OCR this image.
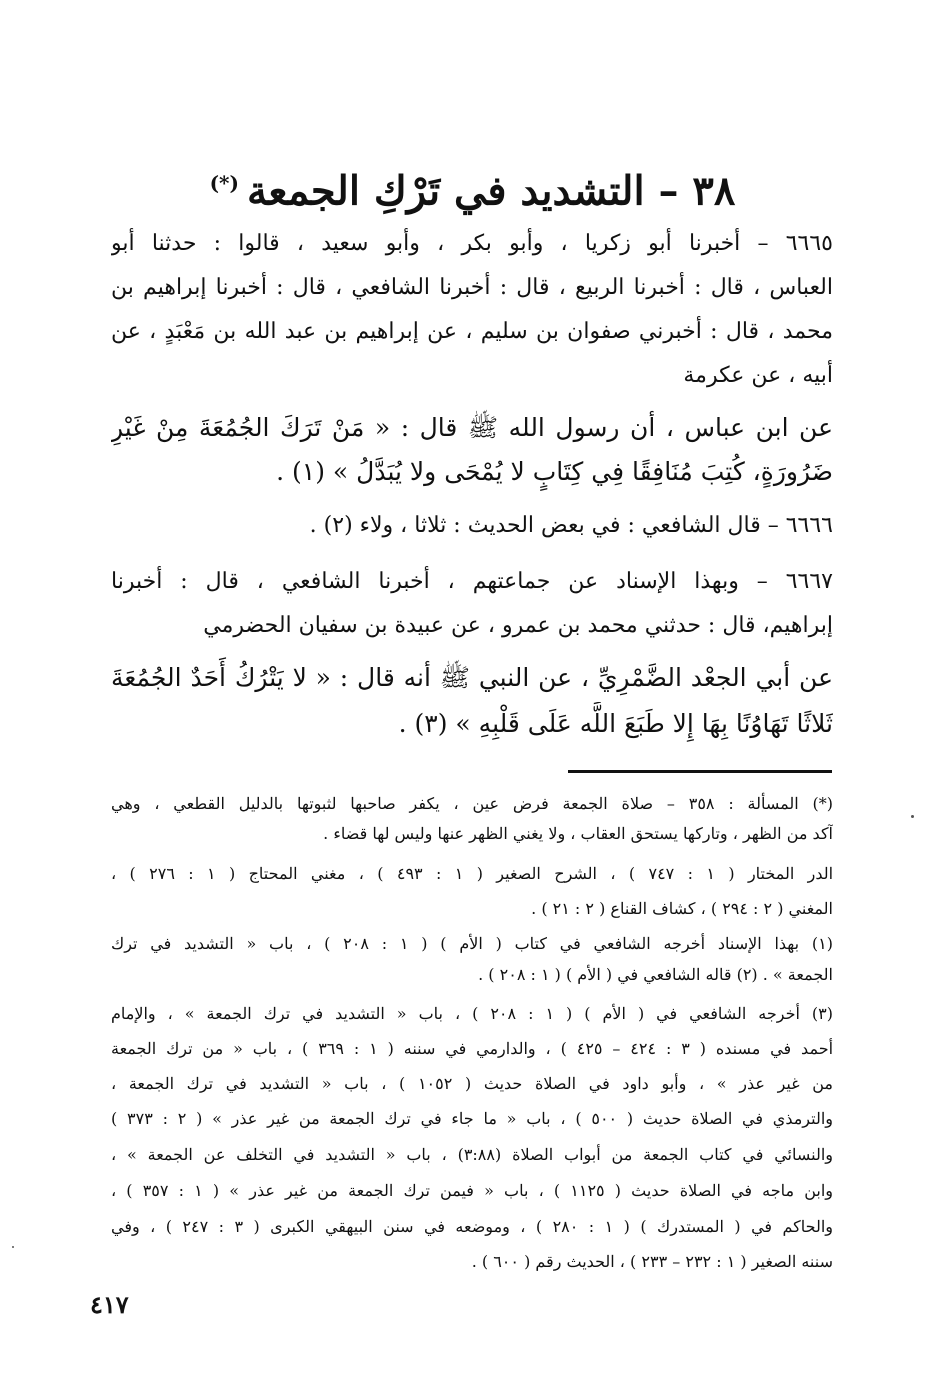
٣٨ – التشديد في تَرْكِ الجمعة(*)
٦٦٦٥ – أخبرنا أبو زكريا ، وأبو بكر ، وأَبو سعيد ، قالوا : حدثنا أبو
العباس ، قال : أخبرنا الربيع ، قال : أخبرنا الشافعي ، قال : أخبرنا إبراهيم بن
محمد ، قال : أخبرني صفوان بن سليم ، عن إبراهيم بن عبد الله بن مَعْبَدٍ ، عن
أبيه ، عن عكرمة
عن ابن عباس ، أن رسول الله ﷺ قال : « مَنْ تَرَكَ الجُمُعَةَ مِنْ غَيْرِ
ضَرُورَةٍ، كُتِبَ مُنَافِقًا فِي كِتَابٍ لا يُمْحَى ولا يُبَدَّلُ » (١) .
٦٦٦٦ – قال الشافعي : في بعض الحديث : ثلاثا ، ولاء (٢) .
٦٦٦٧ – وبهذا الإسناد عن جماعتهم ، أخبرنا الشافعي ، قال : أخبرنا
إبراهيم، قال : حدثني محمد بن عمرو ، عن عبيدة بن سفيان الحضرمي
عن أبي الجعْد الضَّمْرِيِّ ، عن النبي ﷺ أنه قال : « لا يَتْرُكُ أَحَدٌ الجُمُعَةَ
ثَلاثًا تَهَاوُنًا بِهَا إِلا طَبَعَ اللَّه عَلَى قَلْبِهِ » (٣) .
(*) المسألة : ٣٥٨ – صلاة الجمعة فرض عين ، يكفر صاحبها لثبوتها بالدليل القطعي ، وهي
آكد من الظهر ، وتاركها يستحق العقاب ، ولا يغني الظهر عنها وليس لها قضاء .
الدر المختار ( ١ : ٧٤٧ ) ، الشرح الصغير ( ١ : ٤٩٣ ) ، مغني المحتاج ( ١ : ٢٧٦ ) ،
المغني ( ٢ : ٢٩٤ ) ، كشاف القناع ( ٢ : ٢١ ) .
(١) بهذا الإسناد أخرجه الشافعي في كتاب ( الأم ) ( ١ : ٢٠٨ ) ، باب « التشديد في ترك
الجمعة » . (٢) قاله الشافعي في ( الأم ) ( ١ : ٢٠٨ ) .
(٣) أخرجه الشافعي في ( الأم ) ( ١ : ٢٠٨ ) ، باب « التشديد في ترك الجمعة » ، والإمام
أحمد في مسنده ( ٣ : ٤٢٤ – ٤٢٥ ) ، والدارمي في سننه ( ١ : ٣٦٩ ) ، باب « من ترك الجمعة
من غير عذر » ، وأبو داود في الصلاة حديث ( ١٠٥٢ ) ، باب « التشديد في ترك الجمعة ،
والترمذي في الصلاة حديث ( ٥٠٠ ) ، باب « ما جاء في ترك الجمعة من غير عذر » ( ٢ : ٣٧٣ )
والنسائي في كتاب الجمعة من أبواب الصلاة (٣:٨٨) ، باب « التشديد في التخلف عن الجمعة » ،
وابن ماجه في الصلاة حديث ( ١١٢٥ ) ، باب « فيمن ترك الجمعة من غير عذر » ( ١ : ٣٥٧ ) ،
والحاكم في ( المستدرك ) ( ١ : ٢٨٠ ) ، وموضعه في سنن البيهقي الكبرى ( ٣ : ٢٤٧ ) ، وفي
سننه الصغير ( ١ : ٢٣٢ – ٢٣٣ ) ، الحديث رقم ( ٦٠٠ ) .
٤١٧
